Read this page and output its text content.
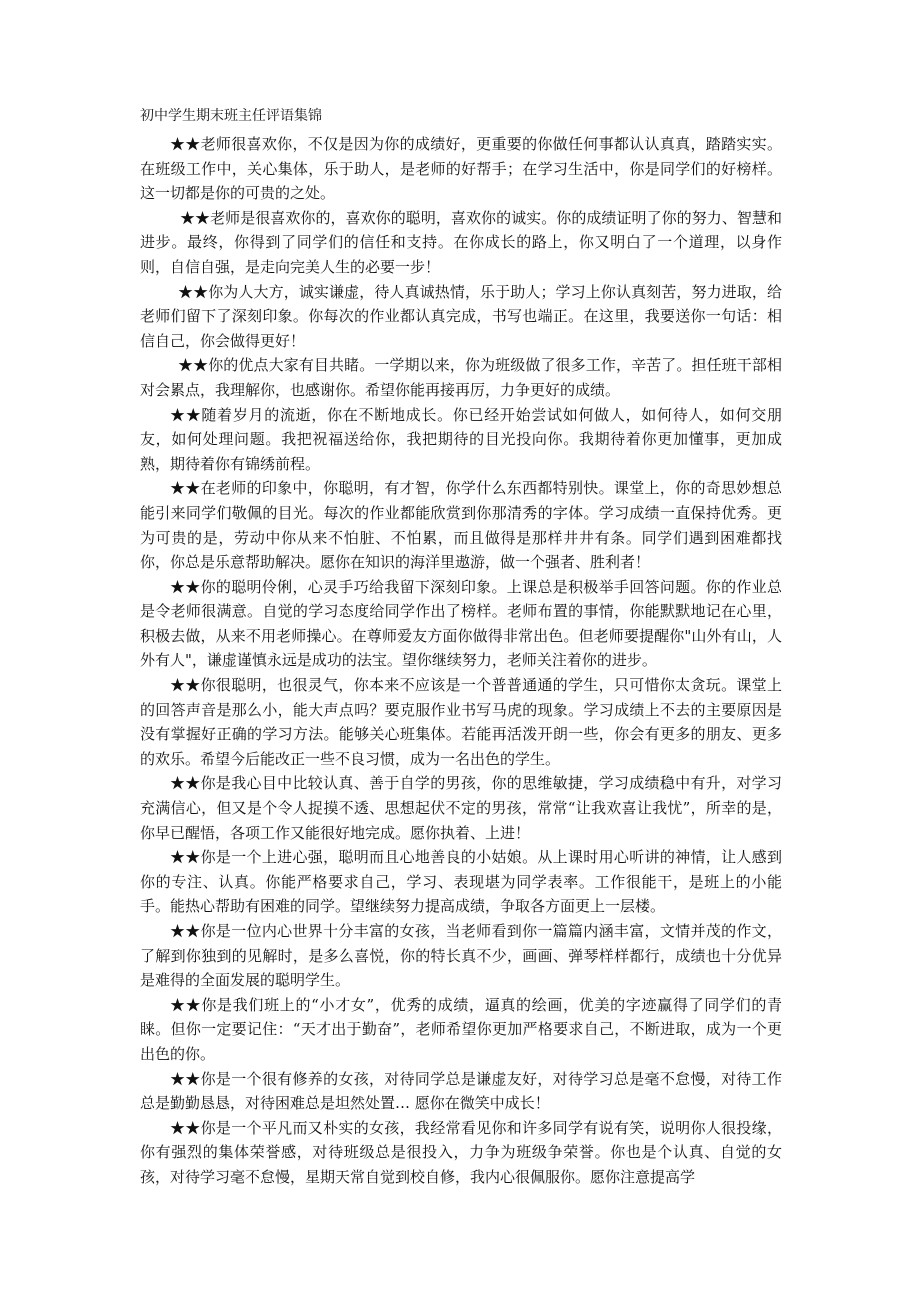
初中学生期末班主任评语集锦

★★老师很喜欢你，不仅是因为你的成绩好，更重要的你做任何事都认认真真，踏踏实实。在班级工作中，关心集体，乐于助人，是老师的好帮手；在学习生活中，你是同学们的好榜样。这一切都是你的可贵的之处。

★★老师是很喜欢你的，喜欢你的聪明，喜欢你的诚实。你的成绩证明了你的努力、智慧和进步。最终，你得到了同学们的信任和支持。在你成长的路上，你又明白了一个道理，以身作则，自信自强，是走向完美人生的必要一步！

★★你为人大方，诚实谦虚，待人真诚热情，乐于助人；学习上你认真刻苦，努力进取，给老师们留下了深刻印象。你每次的作业都认真完成，书写也端正。在这里，我要送你一句话：相信自己，你会做得更好！

★★你的优点大家有目共睹。一学期以来，你为班级做了很多工作，辛苦了。担任班干部相对会累点，我理解你，也感谢你。希望你能再接再厉，力争更好的成绩。

★★随着岁月的流逝，你在不断地成长。你已经开始尝试如何做人，如何待人，如何交朋友，如何处理问题。我把祝福送给你，我把期待的目光投向你。我期待着你更加懂事，更加成熟，期待着你有锦绣前程。

★★在老师的印象中，你聪明，有才智，你学什么东西都特别快。课堂上，你的奇思妙想总能引来同学们敬佩的目光。每次的作业都能欣赏到你那清秀的字体。学习成绩一直保持优秀。更为可贵的是，劳动中你从来不怕脏、不怕累，而且做得是那样井井有条。同学们遇到困难都找你，你总是乐意帮助解决。愿你在知识的海洋里遨游，做一个强者、胜利者！

★★你的聪明伶俐，心灵手巧给我留下深刻印象。上课总是积极举手回答问题。你的作业总是令老师很满意。自觉的学习态度给同学作出了榜样。老师布置的事情，你能默默地记在心里，积极去做，从来不用老师操心。在尊师爱友方面你做得非常出色。但老师要提醒你"山外有山，人外有人"，谦虚谨慎永远是成功的法宝。望你继续努力，老师关注着你的进步。

★★你很聪明，也很灵气，你本来不应该是一个普普通通的学生，只可惜你太贪玩。课堂上的回答声音是那么小，能大声点吗？要克服作业书写马虎的现象。学习成绩上不去的主要原因是没有掌握好正确的学习方法。能够关心班集体。若能再活泼开朗一些，你会有更多的朋友、更多的欢乐。希望今后能改正一些不良习惯，成为一名出色的学生。

★★你是我心目中比较认真、善于自学的男孩，你的思维敏捷，学习成绩稳中有升，对学习充满信心，但又是个令人捉摸不透、思想起伏不定的男孩，常常“让我欢喜让我忧”，所幸的是，你早已醒悟，各项工作又能很好地完成。愿你执着、上进！

★★你是一个上进心强，聪明而且心地善良的小姑娘。从上课时用心听讲的神情，让人感到你的专注、认真。你能严格要求自己，学习、表现堪为同学表率。工作很能干，是班上的小能手。能热心帮助有困难的同学。望继续努力提高成绩，争取各方面更上一层楼。

★★你是一位内心世界十分丰富的女孩，当老师看到你一篇篇内涵丰富，文情并茂的作文，了解到你独到的见解时，是多么喜悦，你的特长真不少，画画、弹琴样样都行，成绩也十分优异是难得的全面发展的聪明学生。

★★你是我们班上的“小才女”，优秀的成绩，逼真的绘画，优美的字迹赢得了同学们的青睐。但你一定要记住：“天才出于勤奋”，老师希望你更加严格要求自己，不断进取，成为一个更出色的你。

★★你是一个很有修养的女孩，对待同学总是谦虚友好，对待学习总是毫不怠慢，对待工作总是勤勤恳恳，对待困难总是坦然处置… 愿你在微笑中成长！

★★你是一个平凡而又朴实的女孩，我经常看见你和许多同学有说有笑，说明你人很投缘，你有强烈的集体荣誉感，对待班级总是很投入，力争为班级争荣誉。你也是个认真、自觉的女孩，对待学习毫不怠慢，星期天常自觉到校自修，我内心很佩服你。愿你注意提高学
